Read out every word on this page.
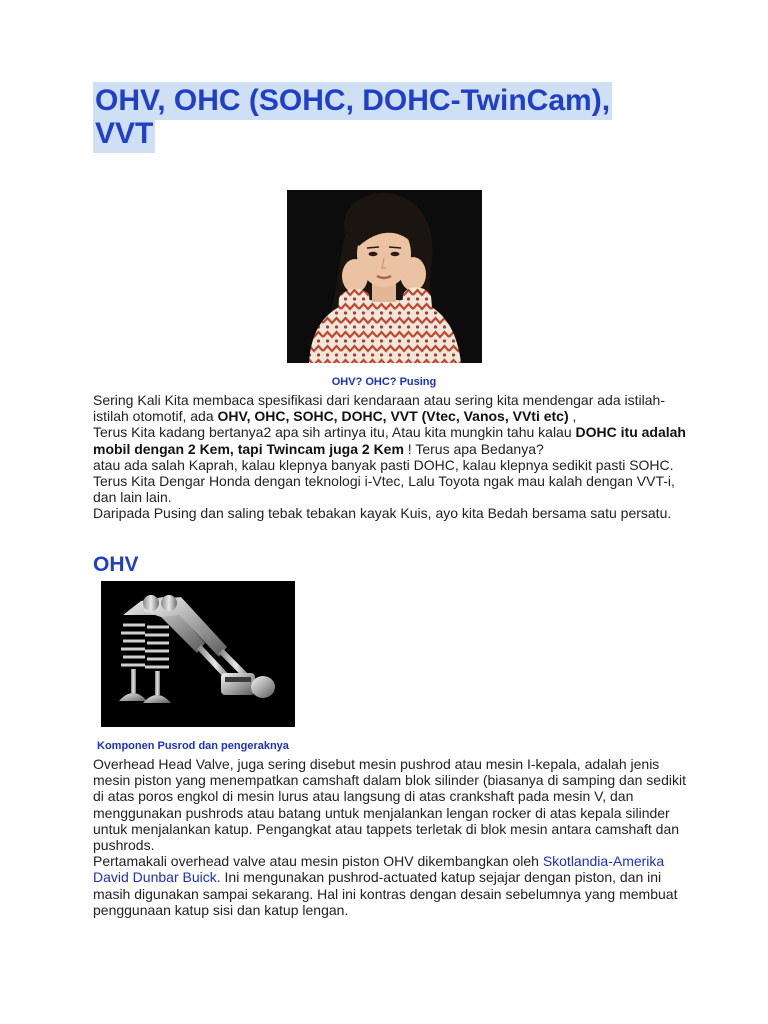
OHV, OHC (SOHC, DOHC-TwinCam), VVT
OHV? OHC? Pusing

Sering Kali Kita membaca spesifikasi dari kendaraan atau sering kita mendengar ada istilah-istilah otomotif, ada OHV, OHC, SOHC, DOHC, VVT (Vtec, Vanos, VVti etc) ,

Terus Kita kadang bertanya2 apa sih artinya itu, Atau kita mungkin tahu kalau DOHC itu adalah mobil dengan 2 Kem, tapi Twincam juga 2 Kem ! Terus apa Bedanya?

atau ada salah Kaprah, kalau klepnya banyak pasti DOHC, kalau klepnya sedikit pasti SOHC.

Terus Kita Dengar Honda dengan teknologi i-Vtec, Lalu Toyota ngak mau kalah dengan VVT-i, dan lain lain.

Daripada Pusing dan saling tebak tebakan kayak Kuis, ayo kita Bedah bersama satu persatu.

OHV
Komponen Pusrod dan pengeraknya

Overhead Head Valve, juga sering disebut mesin pushrod atau mesin I-kepala, adalah jenis mesin piston yang menempatkan camshaft dalam blok silinder (biasanya di samping dan sedikit di atas poros engkol di mesin lurus atau langsung di atas crankshaft pada mesin V, dan menggunakan pushrods atau batang untuk menjalankan lengan rocker di atas kepala silinder untuk menjalankan katup. Pengangkat atau tappets terletak di blok mesin antara camshaft dan pushrods.

Pertamakali overhead valve atau mesin piston OHV dikembangkan oleh Skotlandia-Amerika David Dunbar Buick. Ini mengunakan pushrod-actuated katup sejajar dengan piston, dan ini masih digunakan sampai sekarang. Hal ini kontras dengan desain sebelumnya yang membuat penggunaan katup sisi dan katup lengan.
